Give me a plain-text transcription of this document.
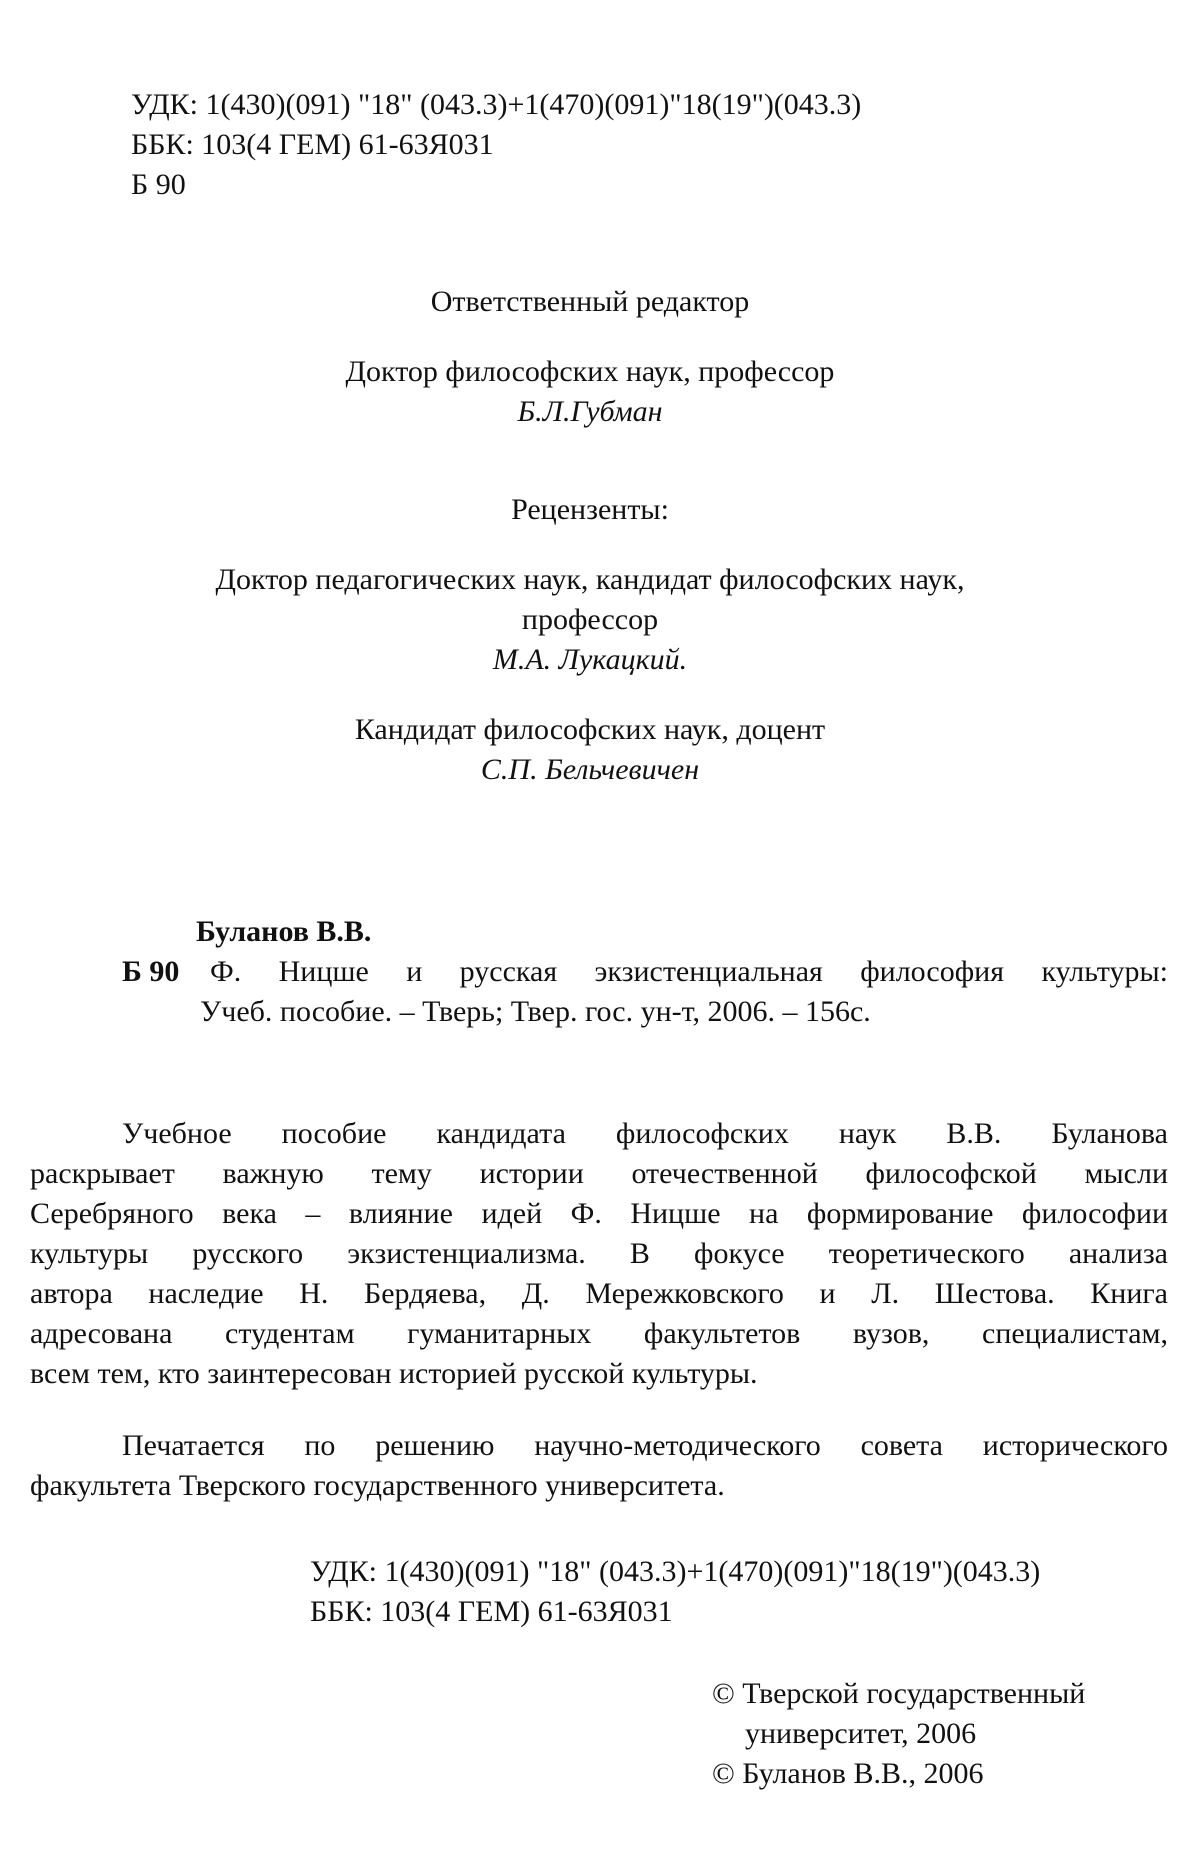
УДК: 1(430)(091) "18" (043.3)+1(470)(091)"18(19")(043.3)
ББК: 103(4 ГЕМ) 61-63Я031
Б 90
Ответственный редактор
Доктор философских наук, профессор
Б.Л.Губман
Рецензенты:
Доктор педагогических наук, кандидат философских наук,
профессор
М.А. Лукацкий.
Кандидат философских наук, доцент
С.П. Бельчевичен
Буланов В.В.
Б 90 Ф. Ницше и русская экзистенциальная философия культуры:
Учеб. пособие. – Тверь; Твер. гос. ун-т, 2006. – 156с.
Учебное пособие кандидата философских наук В.В. Буланова
раскрывает важную тему истории отечественной философской мысли
Серебряного века – влияние идей Ф. Ницше на формирование философии
культуры русского экзистенциализма. В фокусе теоретического анализа
автора наследие Н. Бердяева, Д. Мережковского и Л. Шестова. Книга
адресована студентам гуманитарных факультетов вузов, специалистам,
всем тем, кто заинтересован историей русской культуры.
Печатается по решению научно-методического совета исторического
факультета Тверского государственного университета.
УДК: 1(430)(091) "18" (043.3)+1(470)(091)"18(19")(043.3)
ББК: 103(4 ГЕМ) 61-63Я031
© Тверской государственный
университет, 2006
© Буланов В.В., 2006
